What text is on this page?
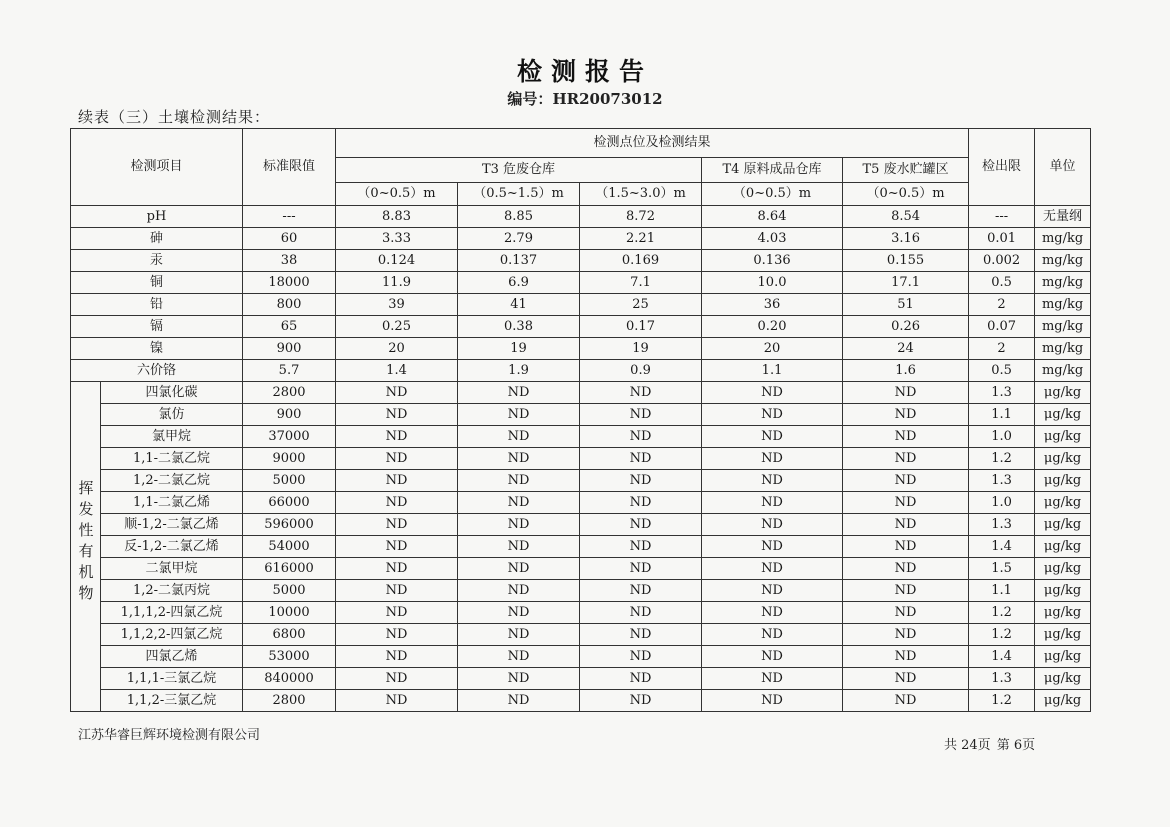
检测报告
编号：HR20073012
续表（三）土壤检测结果：
检测项目		标准限值	检测点位及检测结果					检出限	单位
			T3 危废仓库			T4 原料成品仓库	T5 废水贮罐区		
			（0~0.5）m	（0.5~1.5）m	（1.5~3.0）m	（0~0.5）m	（0~0.5）m		
pH		---	8.83	8.85	8.72	8.64	8.54	---	无量纲
砷		60	3.33	2.79	2.21	4.03	3.16	0.01	mg/kg
汞		38	0.124	0.137	0.169	0.136	0.155	0.002	mg/kg
铜		18000	11.9	6.9	7.1	10.0	17.1	0.5	mg/kg
铅		800	39	41	25	36	51	2	mg/kg
镉		65	0.25	0.38	0.17	0.20	0.26	0.07	mg/kg
镍		900	20	19	19	20	24	2	mg/kg
六价铬		5.7	1.4	1.9	0.9	1.1	1.6	0.5	mg/kg
挥发性有机物	四氯化碳	2800	ND	ND	ND	ND	ND	1.3	μg/kg
	氯仿	900	ND	ND	ND	ND	ND	1.1	μg/kg
	氯甲烷	37000	ND	ND	ND	ND	ND	1.0	μg/kg
	1,1-二氯乙烷	9000	ND	ND	ND	ND	ND	1.2	μg/kg
	1,2-二氯乙烷	5000	ND	ND	ND	ND	ND	1.3	μg/kg
	1,1-二氯乙烯	66000	ND	ND	ND	ND	ND	1.0	μg/kg
	顺-1,2-二氯乙烯	596000	ND	ND	ND	ND	ND	1.3	μg/kg
	反-1,2-二氯乙烯	54000	ND	ND	ND	ND	ND	1.4	μg/kg
	二氯甲烷	616000	ND	ND	ND	ND	ND	1.5	μg/kg
	1,2-二氯丙烷	5000	ND	ND	ND	ND	ND	1.1	μg/kg
	1,1,1,2-四氯乙烷	10000	ND	ND	ND	ND	ND	1.2	μg/kg
	1,1,2,2-四氯乙烷	6800	ND	ND	ND	ND	ND	1.2	μg/kg
	四氯乙烯	53000	ND	ND	ND	ND	ND	1.4	μg/kg
	1,1,1-三氯乙烷	840000	ND	ND	ND	ND	ND	1.3	μg/kg
	1,1,2-三氯乙烷	2800	ND	ND	ND	ND	ND	1.2	μg/kg
江苏华睿巨辉环境检测有限公司
共 24页 第 6页
